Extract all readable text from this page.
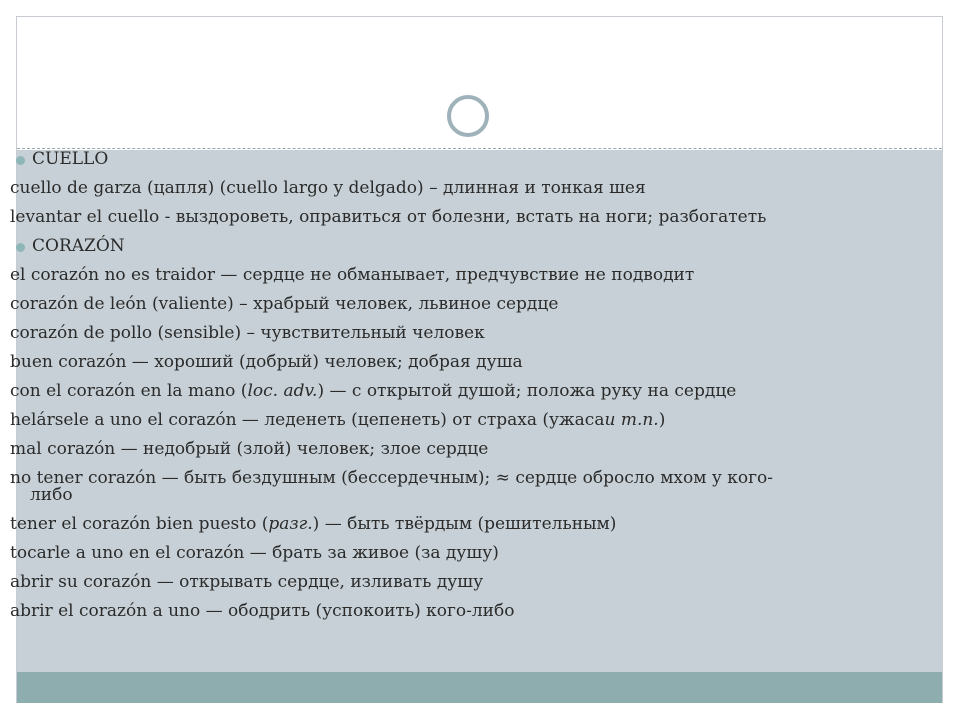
CUELLO

cuello de garza (цапля) (cuello largo y delgado) – длинная и тонкая шея

levantar el cuello - выздороветь, оправиться от болезни, встать на ноги; разбогатеть

CORAZÓN

el corazón no es traidor — сердце не обманывает, предчувствие не подводит

corazón de león (valiente) – храбрый человек, львиное сердце

corazón de pollo (sensible) – чувствительный человек

buen corazón — хороший (добрый) человек; добрая душа

con el corazón en la mano (loc. adv.) — с открытой душой; положа руку на сердце

helársele a uno el corazón — леденеть (цепенеть) от страха (ужасаи т.п.)

mal corazón — недобрый (злой) человек; злое сердце

no tener corazón — быть бездушным (бессердечным); ≈ сердце обросло мхом у кого-
либо

tener el corazón bien puesto (разг.) — быть твёрдым (решительным)

tocarle a uno en el corazón — брать за живое (за душу)

abrir su corazón — открывать сердце, изливать душу

abrir el corazón a uno — ободрить (успокоить) кого-либо
